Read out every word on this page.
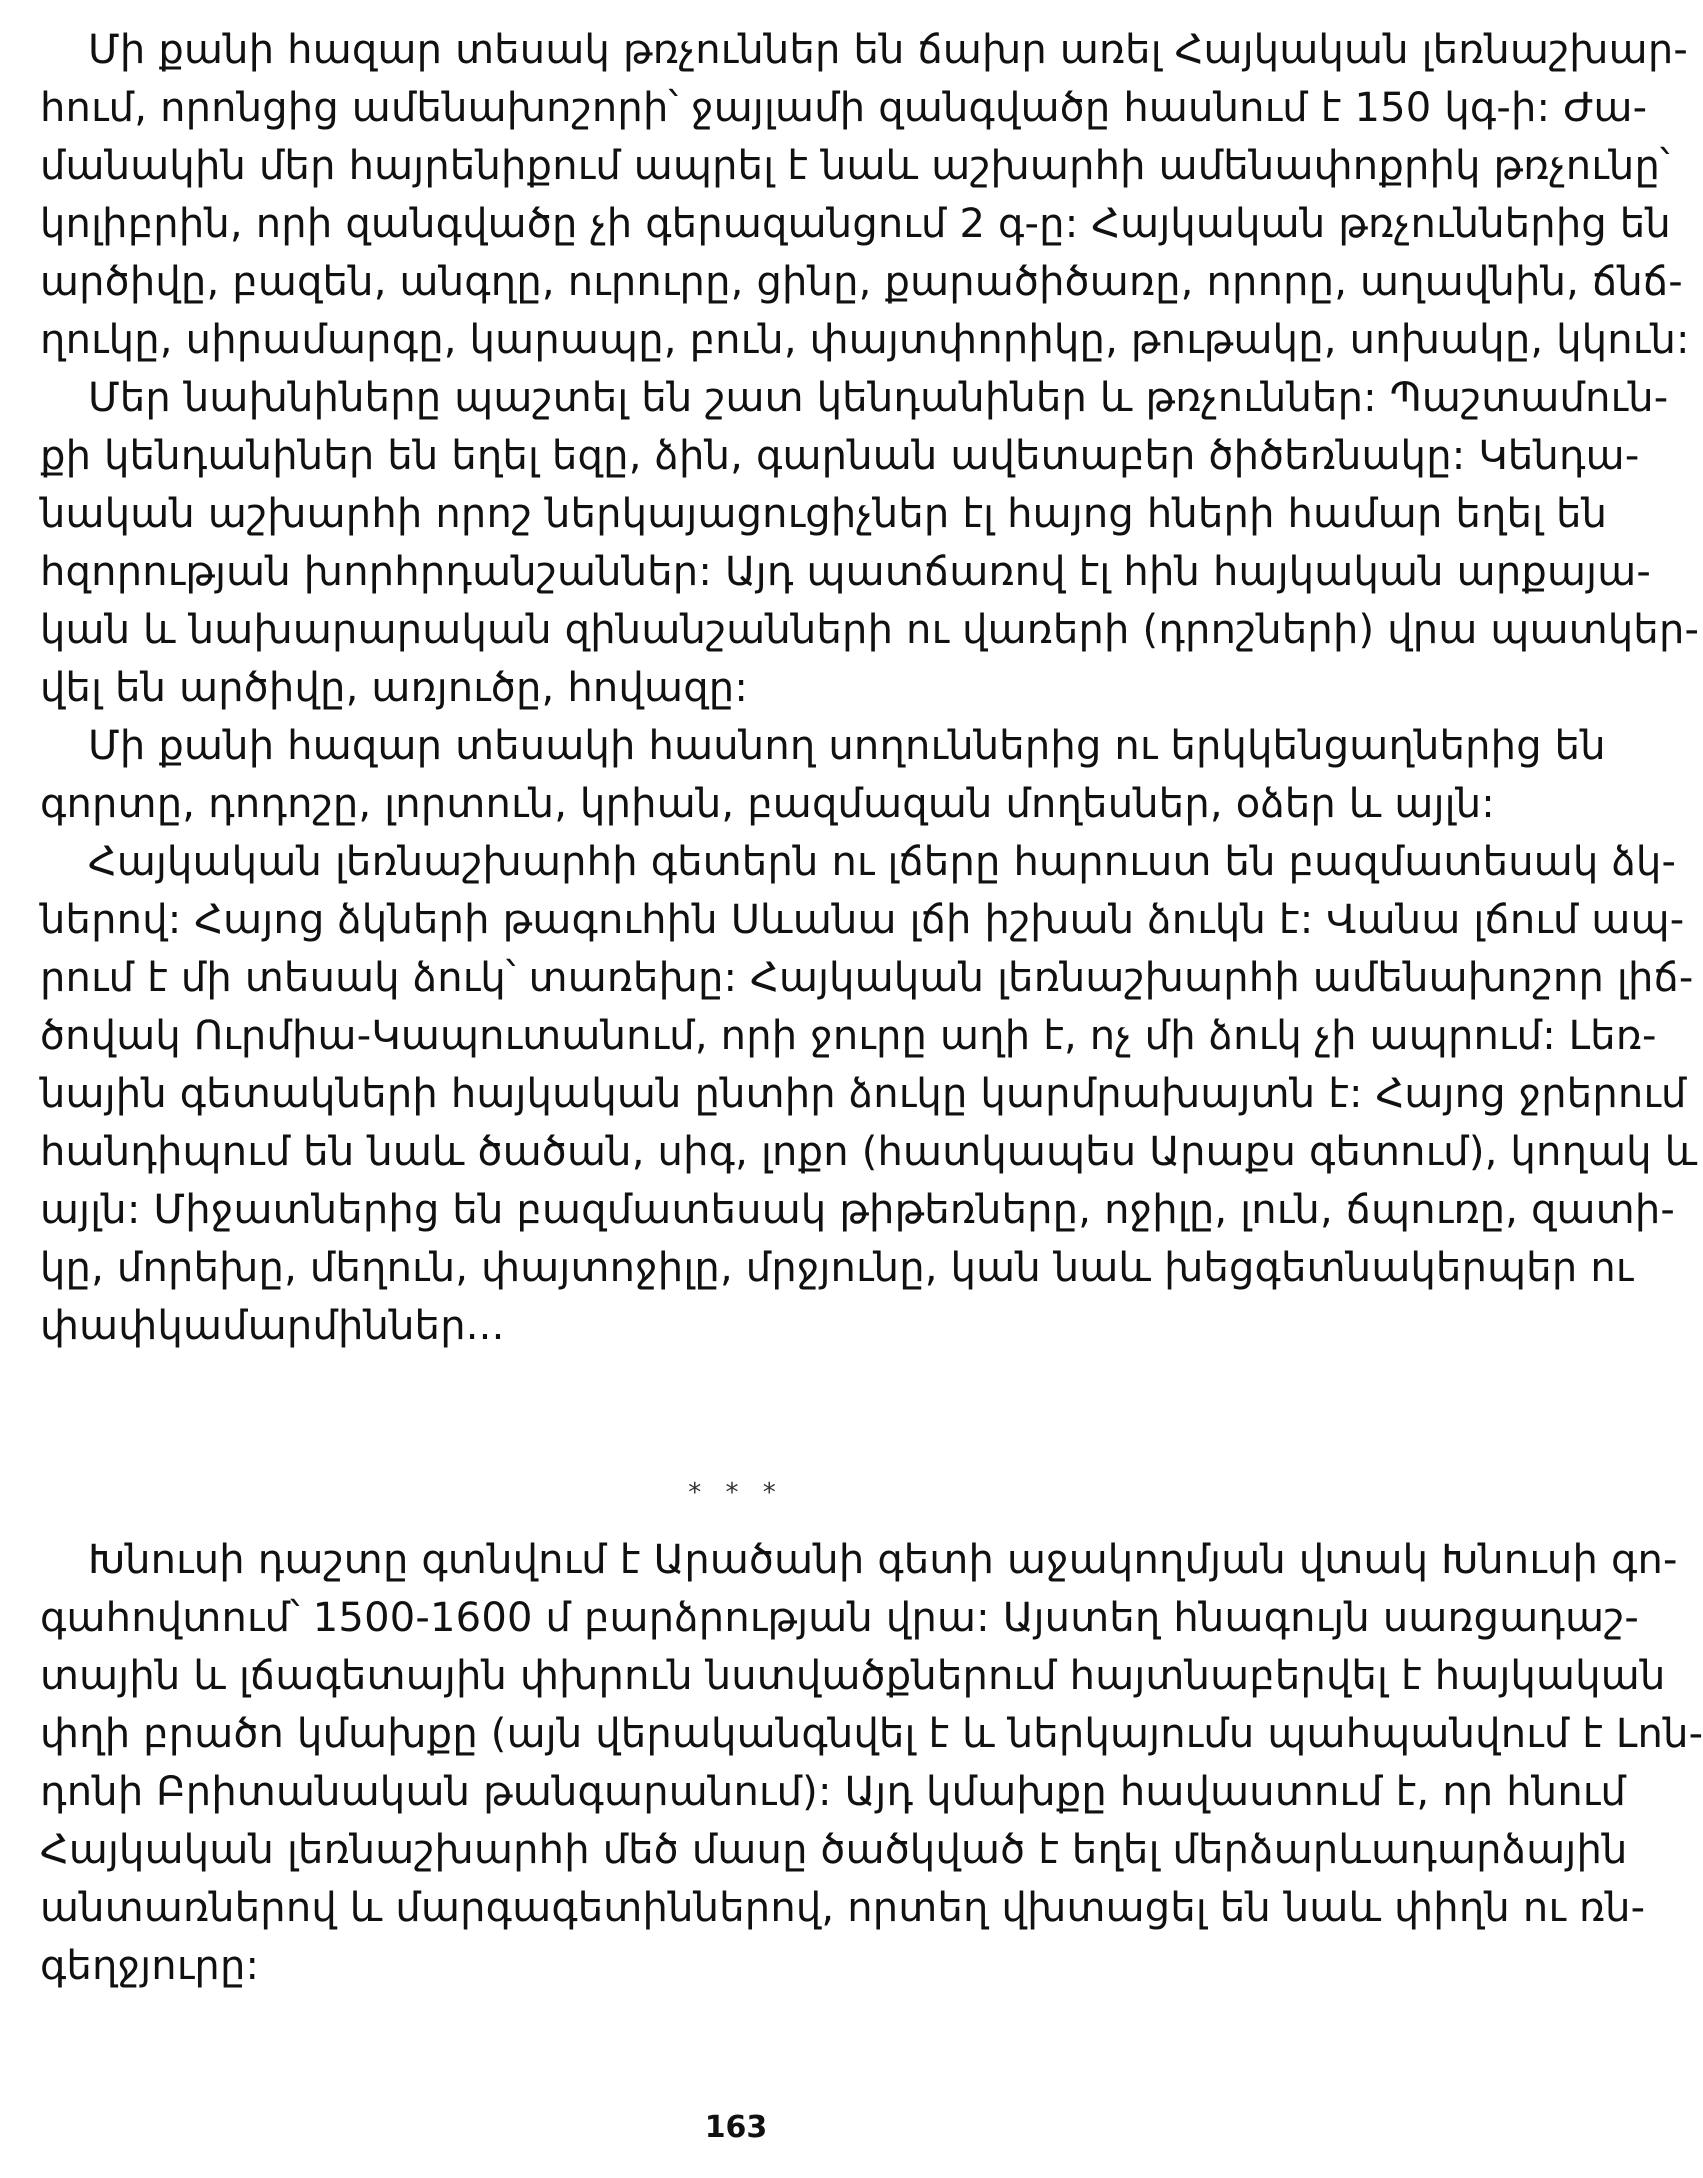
Մի քանի հազար տեսակ թռչուններ են ճախր առել Հայկական լեռնաշխար-
հում, որոնցից ամենախոշորի՝ ջայլամի զանգվածը հասնում է 150 կգ-ի: Ժա-
մանակին մեր հայրենիքում ապրել է նաև աշխարհի ամենափոքրիկ թռչունը՝
կոլիբրին, որի զանգվածը չի գերազանցում 2 գ-ը: Հայկական թռչուններից են
արծիվը, բազեն, անգղը, ուրուրը, ցինը, քարածիծառը, որորը, աղավնին, ճնճ-
ղուկը, սիրամարգը, կարապը, բուն, փայտփորիկը, թութակը, սոխակը, կկուն:
Մեր նախնիները պաշտել են շատ կենդանիներ և թռչուններ: Պաշտամուն-
քի կենդանիներ են եղել եզը, ձին, գարնան ավետաբեր ծիծեռնակը: Կենդա-
նական աշխարհի որոշ ներկայացուցիչներ էլ հայոց հների համար եղել են
հզորության խորհրդանշաններ: Այդ պատճառով էլ հին հայկական արքայա-
կան և նախարարական զինանշանների ու վառերի (դրոշների) վրա պատկեր-
վել են արծիվը, առյուծը, հովազը:
Մի քանի հազար տեսակի հասնող սողուններից ու երկկենցաղներից են
գորտը, դոդոշը, լորտուն, կրիան, բազմազան մողեսներ, օձեր և այլն:
Հայկական լեռնաշխարհի գետերն ու լճերը հարուստ են բազմատեսակ ձկ-
ներով: Հայոց ձկների թագուհին Սևանա լճի իշխան ձուկն է: Վանա լճում ապ-
րում է մի տեսակ ձուկ՝ տառեխը: Հայկական լեռնաշխարհի ամենախոշոր լիճ-
ծովակ Ուրմիա-Կապուտանում, որի ջուրը աղի է, ոչ մի ձուկ չի ապրում: Լեռ-
նային գետակների հայկական ընտիր ձուկը կարմրախայտն է: Հայոց ջրերում
հանդիպում են նաև ծածան, սիգ, լոքո (հատկապես Արաքս գետում), կողակ և
այլն: Միջատներից են բազմատեսակ թիթեռները, ոջիլը, լուն, ճպուռը, զատի-
կը, մորեխը, մեղուն, փայտոջիլը, մրջյունը, կան նաև խեցգետնակերպեր ու
փափկամարմիններ...
* * *
Խնուսի դաշտը գտնվում է Արածանի գետի աջակողմյան վտակ Խնուսի գո-
գահովտում՝ 1500-1600 մ բարձրության վրա: Այստեղ հնագույն սառցադաշ-
տային և լճագետային փխրուն նստվածքներում հայտնաբերվել է հայկական
փղի բրածո կմախքը (այն վերականգնվել է և ներկայումս պահպանվում է Լոն-
դոնի Բրիտանական թանգարանում): Այդ կմախքը հավաստում է, որ հնում
Հայկական լեռնաշխարհի մեծ մասը ծածկված է եղել մերձարևադարձային
անտառներով և մարգագետիններով, որտեղ վխտացել են նաև փիղն ու ռն-
գեղջյուրը:
163
